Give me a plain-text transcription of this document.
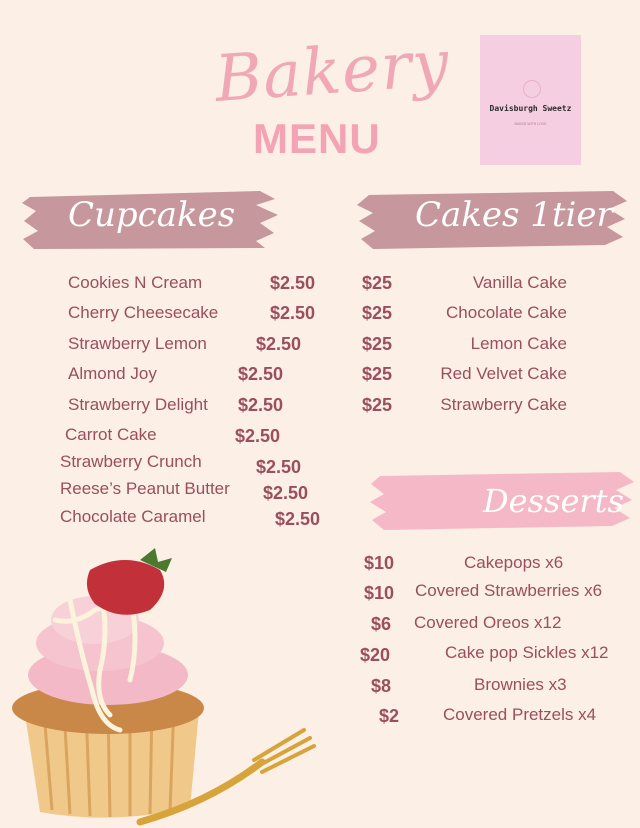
Bakery
MENU
Davisburgh Sweetz
BAKED WITH LOVE
Cupcakes	Cakes 1tier
Desserts
Cookies N Cream	$2.50
Cherry Cheesecake	$2.50
Strawberry Lemon	$2.50
Almond Joy	$2.50
Strawberry Delight $2.50
Carrot Cake	$2.50
Strawberry Crunch	$2.50
Reese’s Peanut Butter $2.50
Chocolate Caramel	$2.50
$25	Vanilla Cake
$25	Chocolate Cake
$25	Lemon Cake
$25	Red Velvet Cake
$25	Strawberry Cake
$10	Cakepops x6
$10 Covered Strawberries x6
$6 Covered Oreos x12
$20	Cake pop Sickles x12
$8	Brownies x3
$2	Covered Pretzels x4
